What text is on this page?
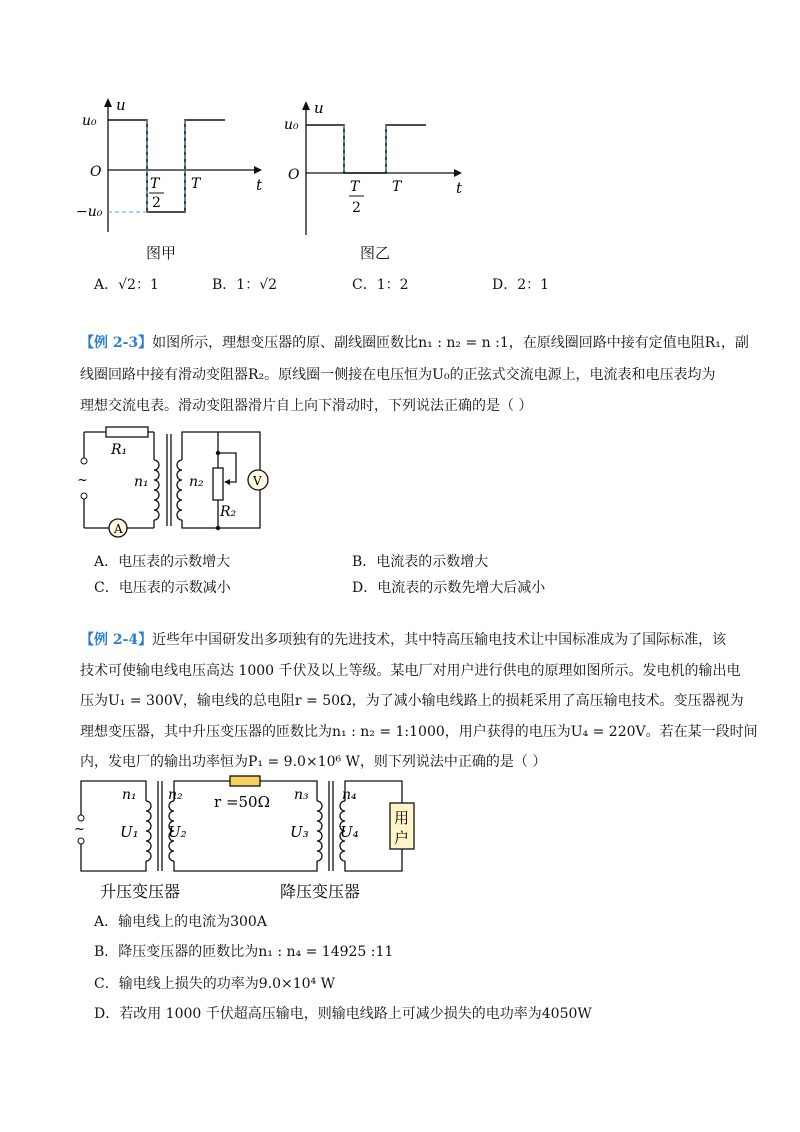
u
u₀
O
−u₀
T
2
T	t
图甲
u
u₀
O
T
2
T	t
图乙
A．√2：1	B．1：√2	C．1：2	D．2：1
【例 2-3】如图所示，理想变压器的原、副线圈匝数比n₁ : n₂ = n :1，在原线圈回路中接有定值电阻R₁，副
线圈回路中接有滑动变阻器R₂。原线圈一侧接在电压恒为U₀的正弦式交流电源上，电流表和电压表均为
理想交流电表。滑动变阻器滑片自上向下滑动时，下列说法正确的是（ ）
R₁
n₁	n₂
R₂
V
A
~
A．电压表的示数增大	B．电流表的示数增大
C．电压表的示数减小	D．电流表的示数先增大后减小
【例 2-4】近些年中国研发出多项独有的先进技术，其中特高压输电技术让中国标准成为了国际标准，该
技术可使输电线电压高达 1000 千伏及以上等级。某电厂对用户进行供电的原理如图所示。发电机的输出电
压为U₁ = 300V，输电线的总电阻r = 50Ω，为了减小输电线路上的损耗采用了高压输电技术。变压器视为
理想变压器，其中升压变压器的匝数比为n₁ : n₂ = 1:1000，用户获得的电压为U₄ = 220V。若在某一段时间
内，发电厂的输出功率恒为P₁ = 9.0×10⁶ W，则下列说法中正确的是（ ）
n₁
U₁
n₂
U₂
r =50Ω n₃
U₃
n₄
U₄
用
户
~
升压变压器	降压变压器
A．输电线上的电流为300A
B．降压变压器的匝数比为n₁ : n₄ = 14925 :11
C．输电线上损失的功率为9.0×10⁴ W
D．若改用 1000 千伏超高压输电，则输电线路上可减少损失的电功率为4050W
